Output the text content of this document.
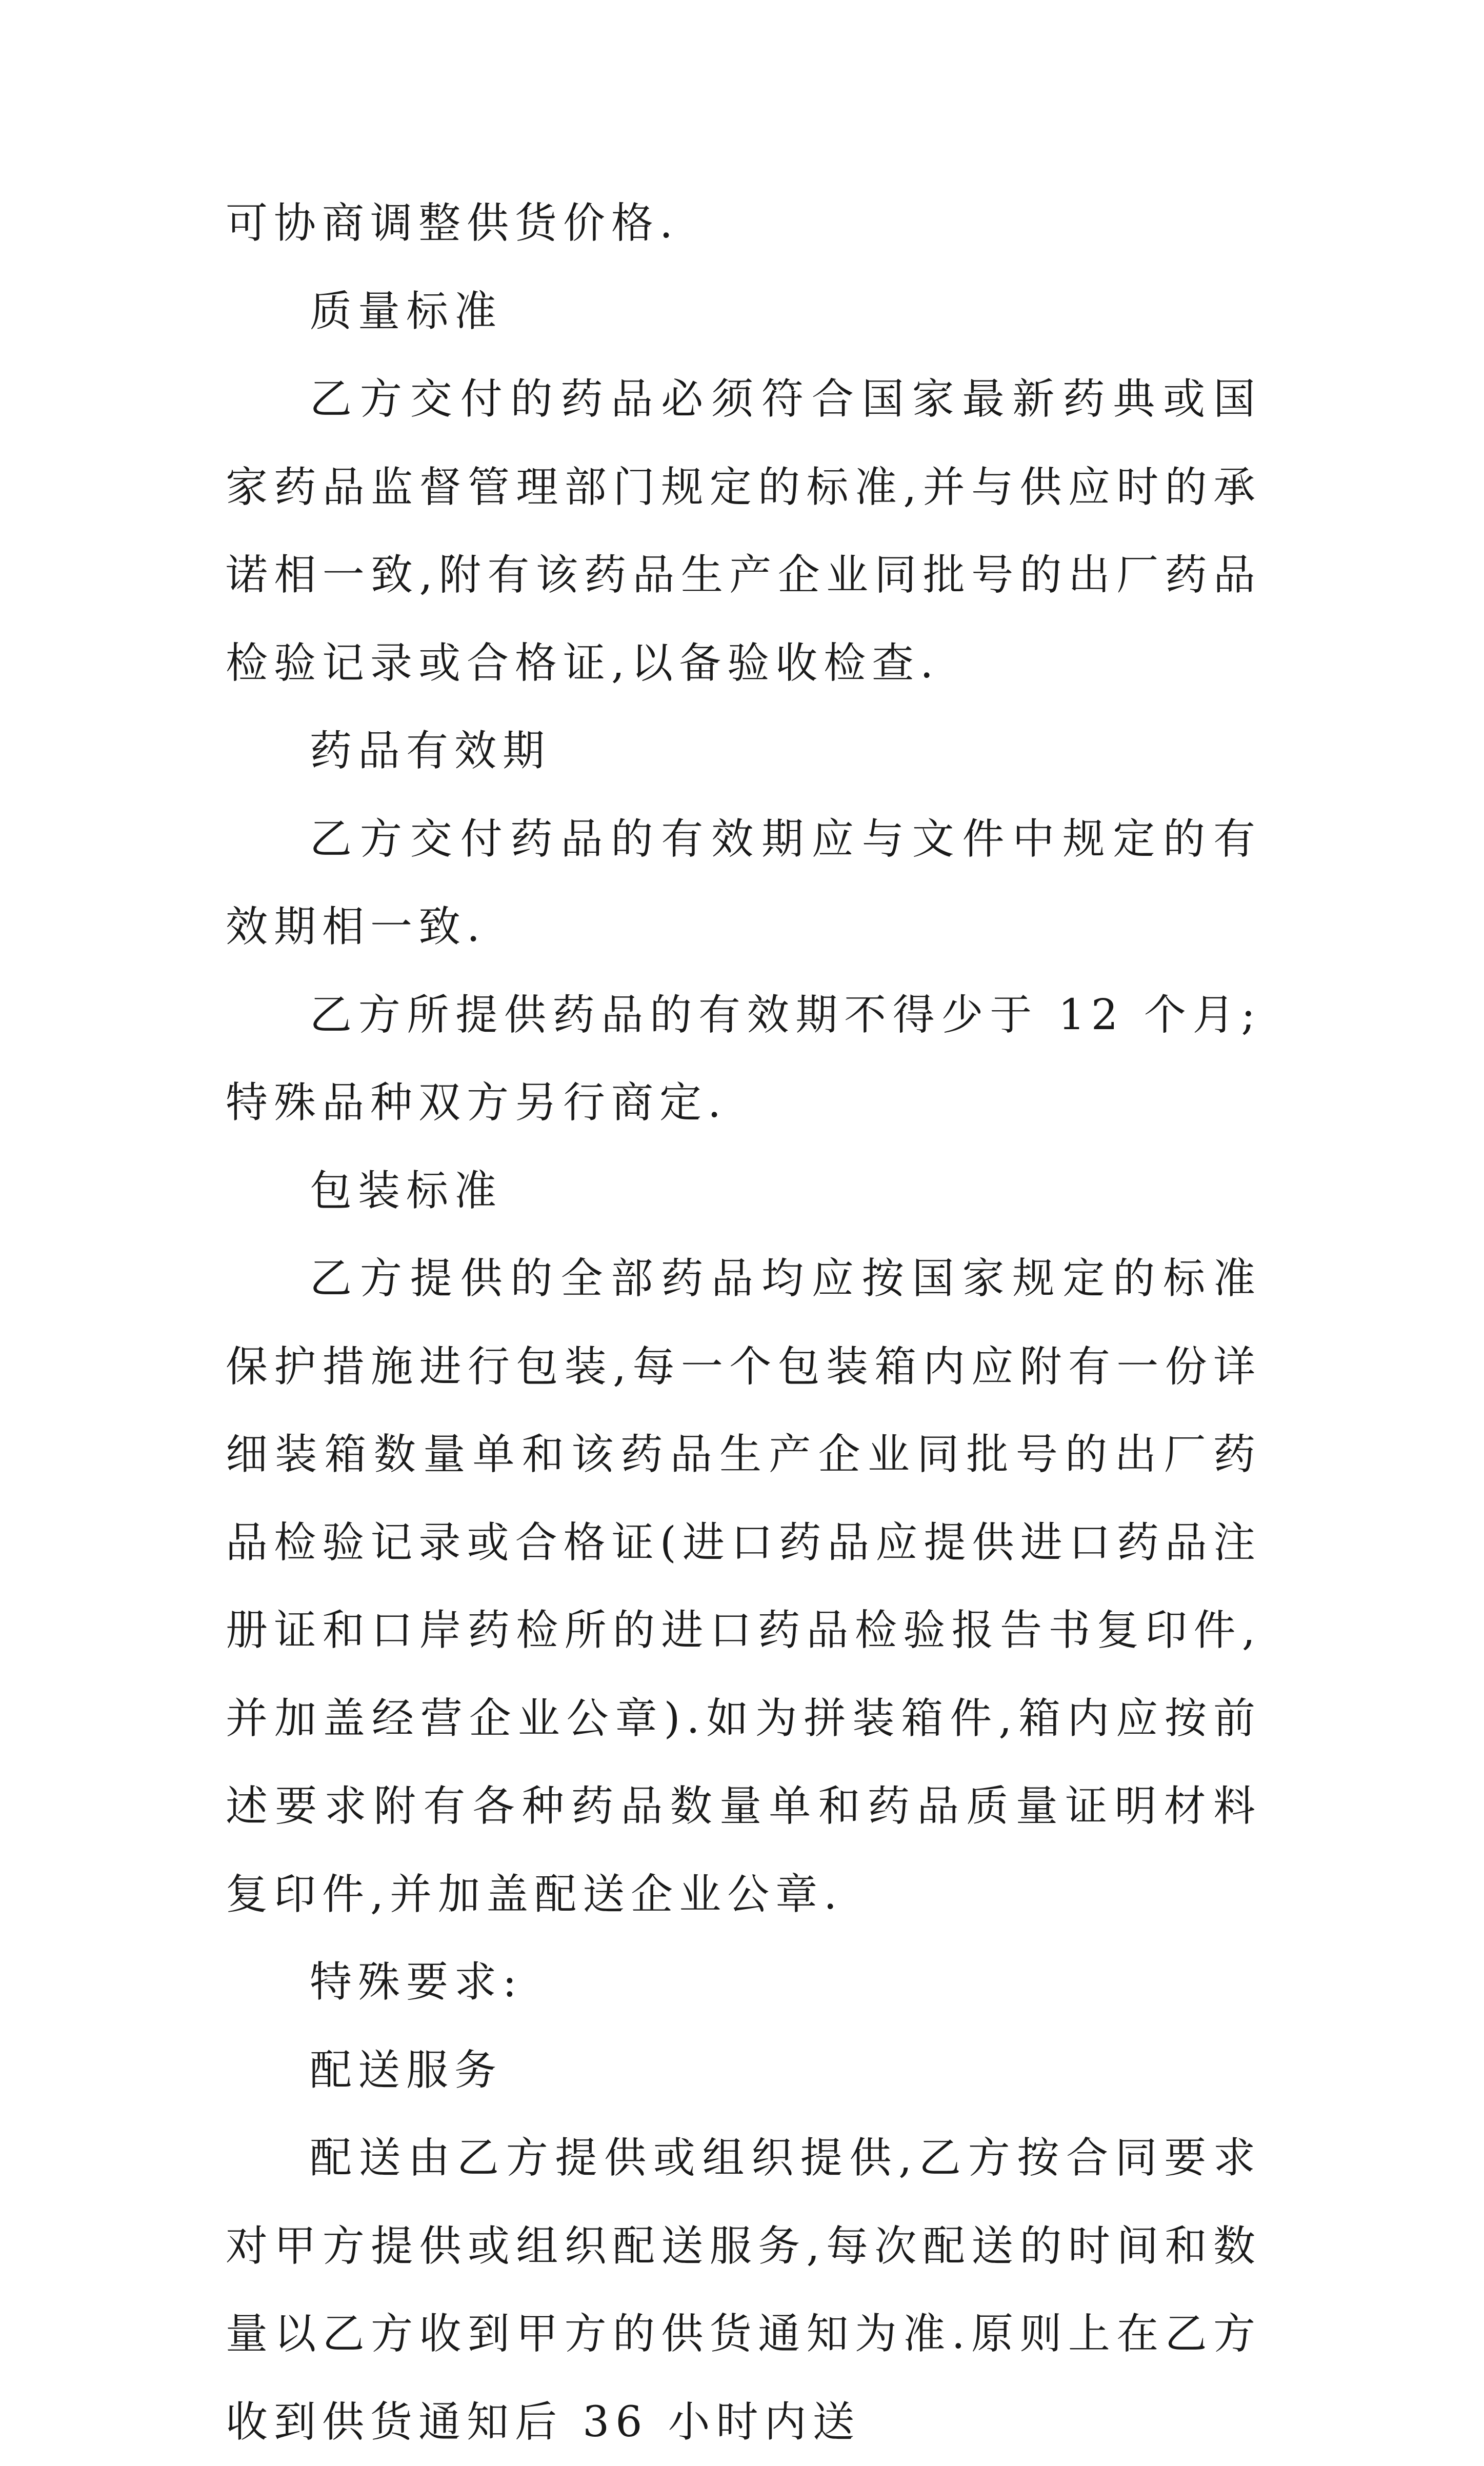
可协商调整供货价格.

质量标准

乙方交付的药品必须符合国家最新药典或国家药品监督管理部门规定的标准,并与供应时的承诺相一致,附有该药品生产企业同批号的出厂药品检验记录或合格证,以备验收检查.

药品有效期

乙方交付药品的有效期应与文件中规定的有效期相一致.

乙方所提供药品的有效期不得少于 12 个月;特殊品种双方另行商定.

包装标准

乙方提供的全部药品均应按国家规定的标准保护措施进行包装,每一个包装箱内应附有一份详细装箱数量单和该药品生产企业同批号的出厂药品检验记录或合格证(进口药品应提供进口药品注册证和口岸药检所的进口药品检验报告书复印件,并加盖经营企业公章).如为拼装箱件,箱内应按前述要求附有各种药品数量单和药品质量证明材料复印件,并加盖配送企业公章.

特殊要求:

配送服务

配送由乙方提供或组织提供,乙方按合同要求对甲方提供或组织配送服务,每次配送的时间和数量以乙方收到甲方的供货通知为准.原则上在乙方收到供货通知后 36 小时内送
